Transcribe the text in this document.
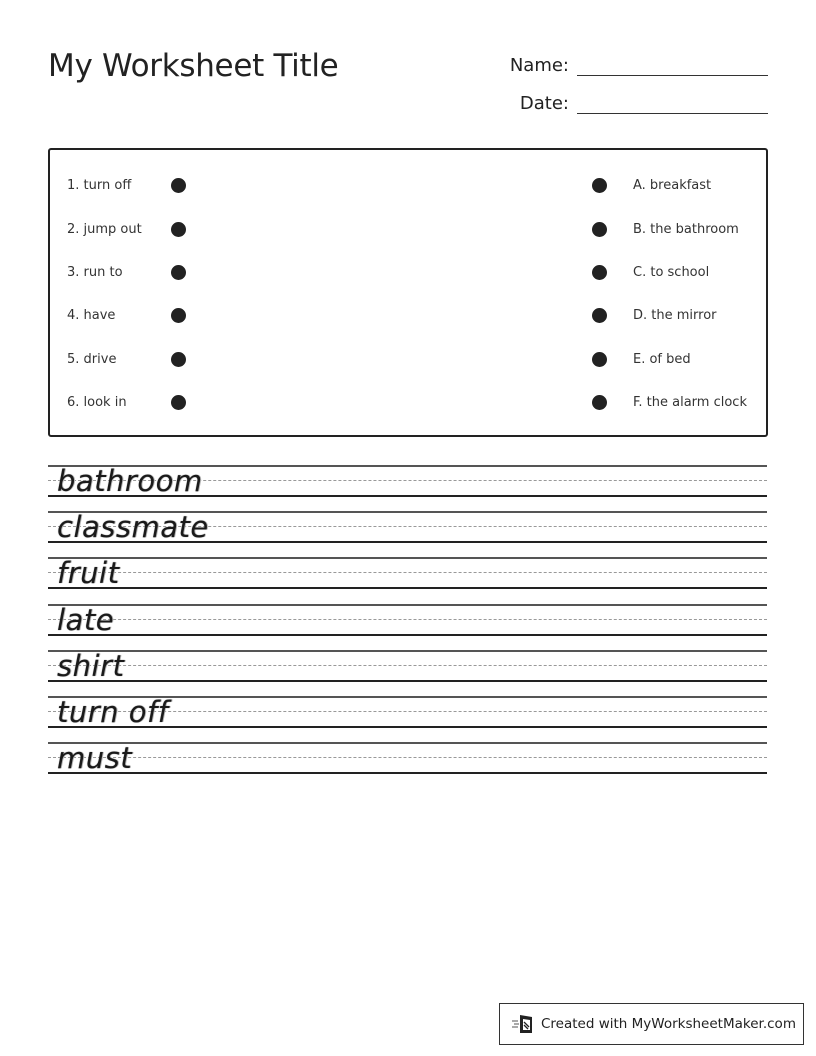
My Worksheet Title	Name:
Date:
1. turn off	A. breakfast
2. jump out	B. the bathroom
3. run to	C. to school
4. have	D. the mirror
5. drive	E. of bed
6. look in	F. the alarm clock
bathroom
classmate
fruit
late
shirt
turn off
must
Created with MyWorksheetMaker.com
